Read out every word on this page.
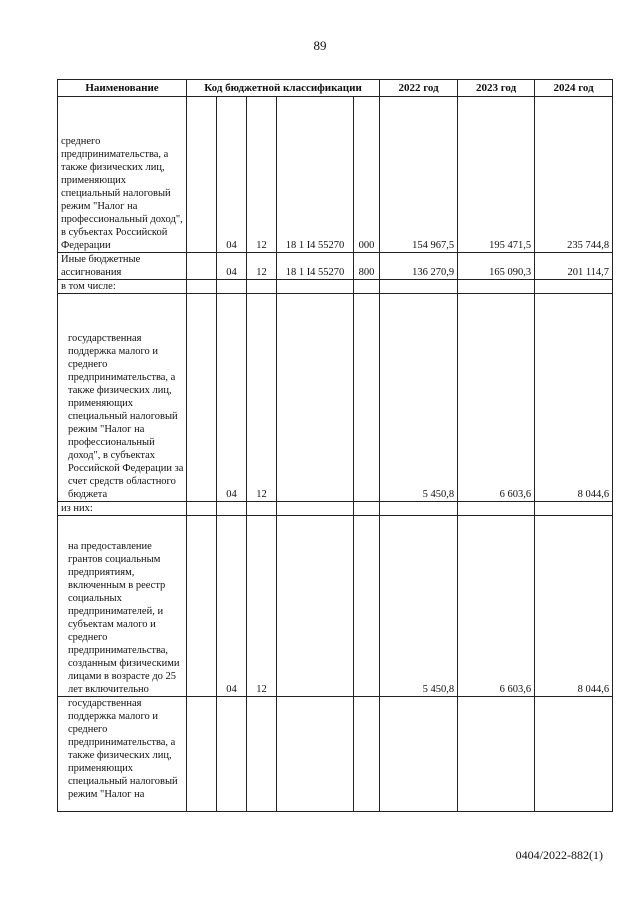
89
Наименование	Код бюджетной классификации					2022 год	2023 год	2024 год
среднего предпринимательства, а также физических лиц, применяющих специальный налоговый режим "Налог на профессиональный доход", в субъектах Российской Федерации		04	12	18 1 I4 55270	000	154 967,5	195 471,5	235 744,8
Иные бюджетные ассигнования		04	12	18 1 I4 55270	800	136 270,9	165 090,3	201 114,7
в том числе:								
государственная поддержка малого и среднего предпринимательства, а также физических лиц, применяющих специальный налоговый режим "Налог на профессиональный доход", в субъектах Российской Федерации за счет средств областного бюджета		04	12			5 450,8	6 603,6	8 044,6
из них:								
на предоставление грантов социальным предприятиям, включенным в реестр социальных предпринимателей, и субъектам малого и среднего предпринимательства, созданным физическими лицами в возрасте до 25 лет включительно		04	12			5 450,8	6 603,6	8 044,6
государственная поддержка малого и среднего предпринимательства, а также физических лиц, применяющих специальный налоговый режим "Налог на								
0404/2022-882(1)
